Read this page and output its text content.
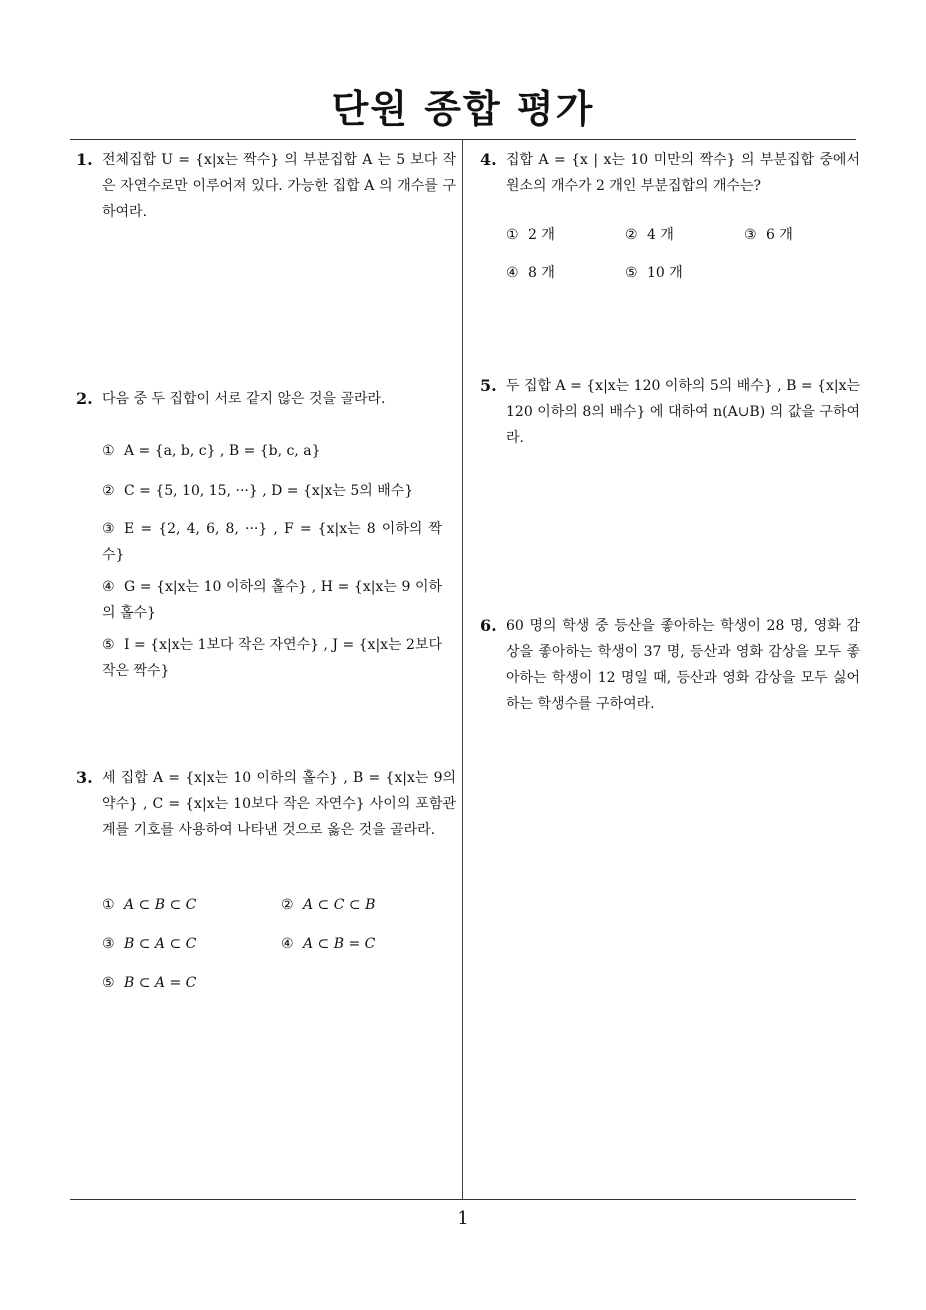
단원 종합 평가
1
1. 전체집합 U = {x|x는 짝수} 의 부분집합 A 는 5 보다 작은 자연수로만 이루어져 있다. 가능한 집합 A 의 개수를 구하여라.
2. 다음 중 두 집합이 서로 같지 않은 것을 골라라.
① A = {a, b, c} , B = {b, c, a}
② C = {5, 10, 15, ···} , D = {x|x는 5의 배수}
③ E = {2, 4, 6, 8, ···} , F = {x|x는 8 이하의 짝수}
④ G = {x|x는 10 이하의 홀수} , H = {x|x는 9 이하의 홀수}
⑤ I = {x|x는 1보다 작은 자연수} , J = {x|x는 2보다 작은 짝수}
3. 세 집합 A = {x|x는 10 이하의 홀수} , B = {x|x는 9의 약수} , C = {x|x는 10보다 작은 자연수} 사이의 포함관계를 기호를 사용하여 나타낸 것으로 옳은 것을 골라라.
① A ⊂ B ⊂ C	② A ⊂ C ⊂ B
③ B ⊂ A ⊂ C	④ A ⊂ B = C
⑤ B ⊂ A = C
4. 집합 A = {x | x는 10 미만의 짝수} 의 부분집합 중에서 원소의 개수가 2 개인 부분집합의 개수는?
① 2 개	② 4 개	③ 6 개
④ 8 개	⑤ 10 개
5. 두 집합 A = {x|x는 120 이하의 5의 배수} , B = {x|x는 120 이하의 8의 배수} 에 대하여 n(A∪B) 의 값을 구하여라.
6. 60 명의 학생 중 등산을 좋아하는 학생이 28 명, 영화 감상을 좋아하는 학생이 37 명, 등산과 영화 감상을 모두 좋아하는 학생이 12 명일 때, 등산과 영화 감상을 모두 싫어하는 학생수를 구하여라.
